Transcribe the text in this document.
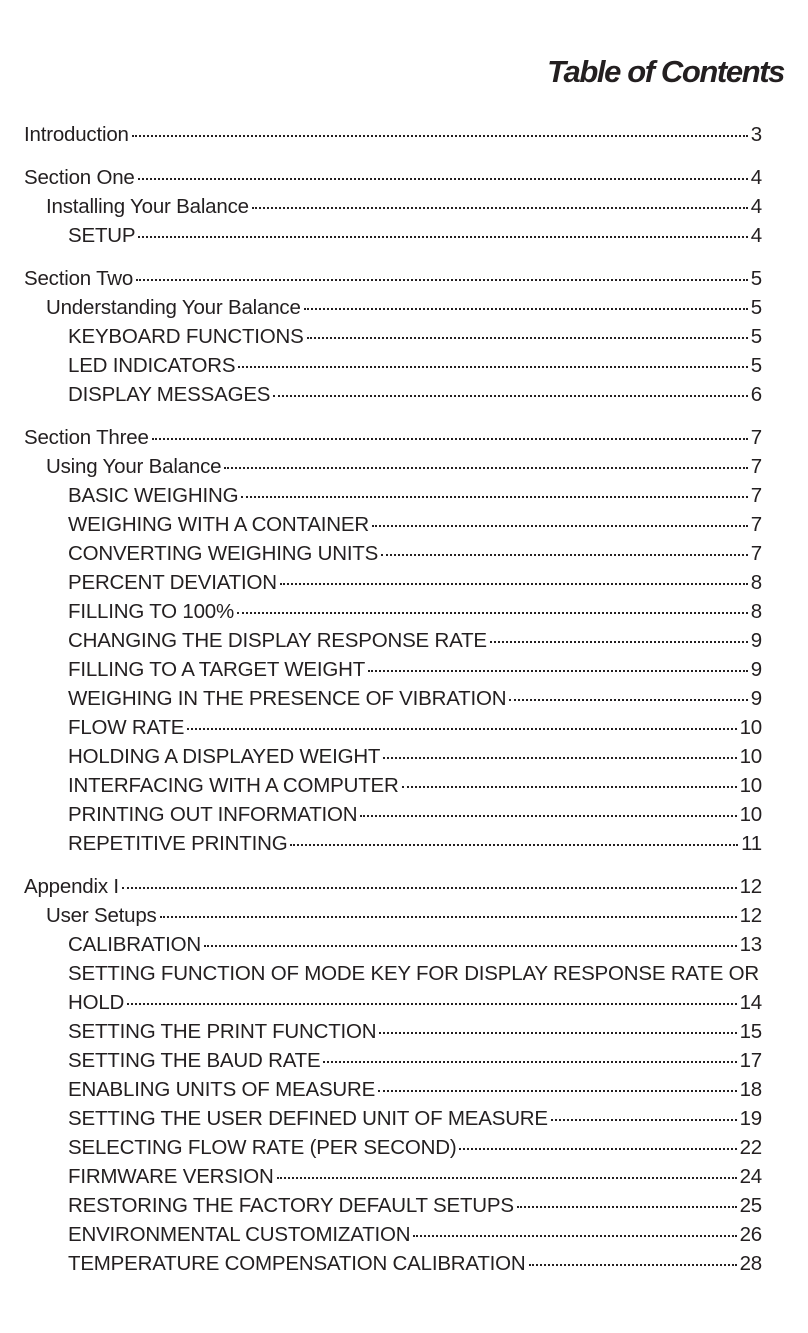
Table of Contents
Introduction	3
Section One	4
Installing Your Balance	4
SETUP	4
Section Two	5
Understanding Your Balance	5
KEYBOARD FUNCTIONS	5
LED INDICATORS	5
DISPLAY MESSAGES	6
Section Three	7
Using Your Balance	7
BASIC WEIGHING	7
WEIGHING WITH A CONTAINER	7
CONVERTING WEIGHING UNITS	7
PERCENT DEVIATION	8
FILLING TO 100%	8
CHANGING THE DISPLAY RESPONSE RATE	9
FILLING TO A TARGET WEIGHT	9
WEIGHING IN THE PRESENCE OF VIBRATION	9
FLOW RATE	10
HOLDING A DISPLAYED WEIGHT	10
INTERFACING WITH A COMPUTER	10
PRINTING OUT INFORMATION	10
REPETITIVE PRINTING	11
Appendix I	12
User Setups	12
CALIBRATION	13
SETTING FUNCTION OF MODE KEY FOR DISPLAY RESPONSE RATE OR
HOLD	14
SETTING THE PRINT FUNCTION	15
SETTING THE BAUD RATE	17
ENABLING UNITS OF MEASURE	18
SETTING THE USER DEFINED UNIT OF MEASURE	19
SELECTING FLOW RATE (PER SECOND)	22
FIRMWARE VERSION	24
RESTORING THE FACTORY DEFAULT SETUPS	25
ENVIRONMENTAL CUSTOMIZATION	26
TEMPERATURE COMPENSATION CALIBRATION	28
